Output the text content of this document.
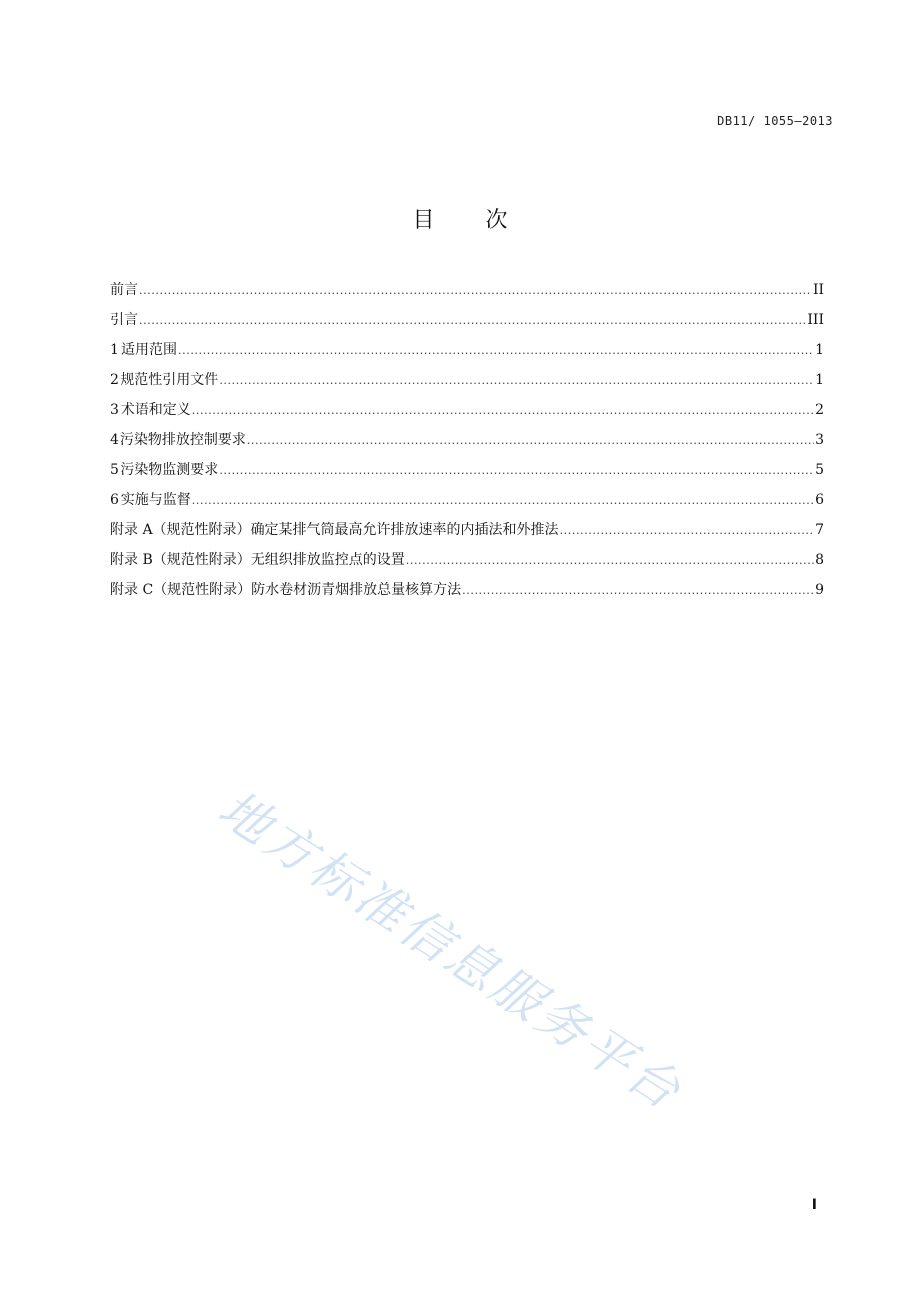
DB11/ 1055—2013
目 次
前言 .....	II
引言 .....	III
1 适用范围 .....	1
2 规范性引用文件 .....	1
3 术语和定义 .....	2
4 污染物排放控制要求 .....	3
5 污染物监测要求 .....	5
6 实施与监督 .....	6
附录 A（规范性附录） 确定某排气筒最高允许排放速率的内插法和外推法 .....	7
附录 B（规范性附录） 无组织排放监控点的设置 .....	8
附录 C（规范性附录） 防水卷材沥青烟排放总量核算方法 .....	9
地方标准信息服务平台
I
